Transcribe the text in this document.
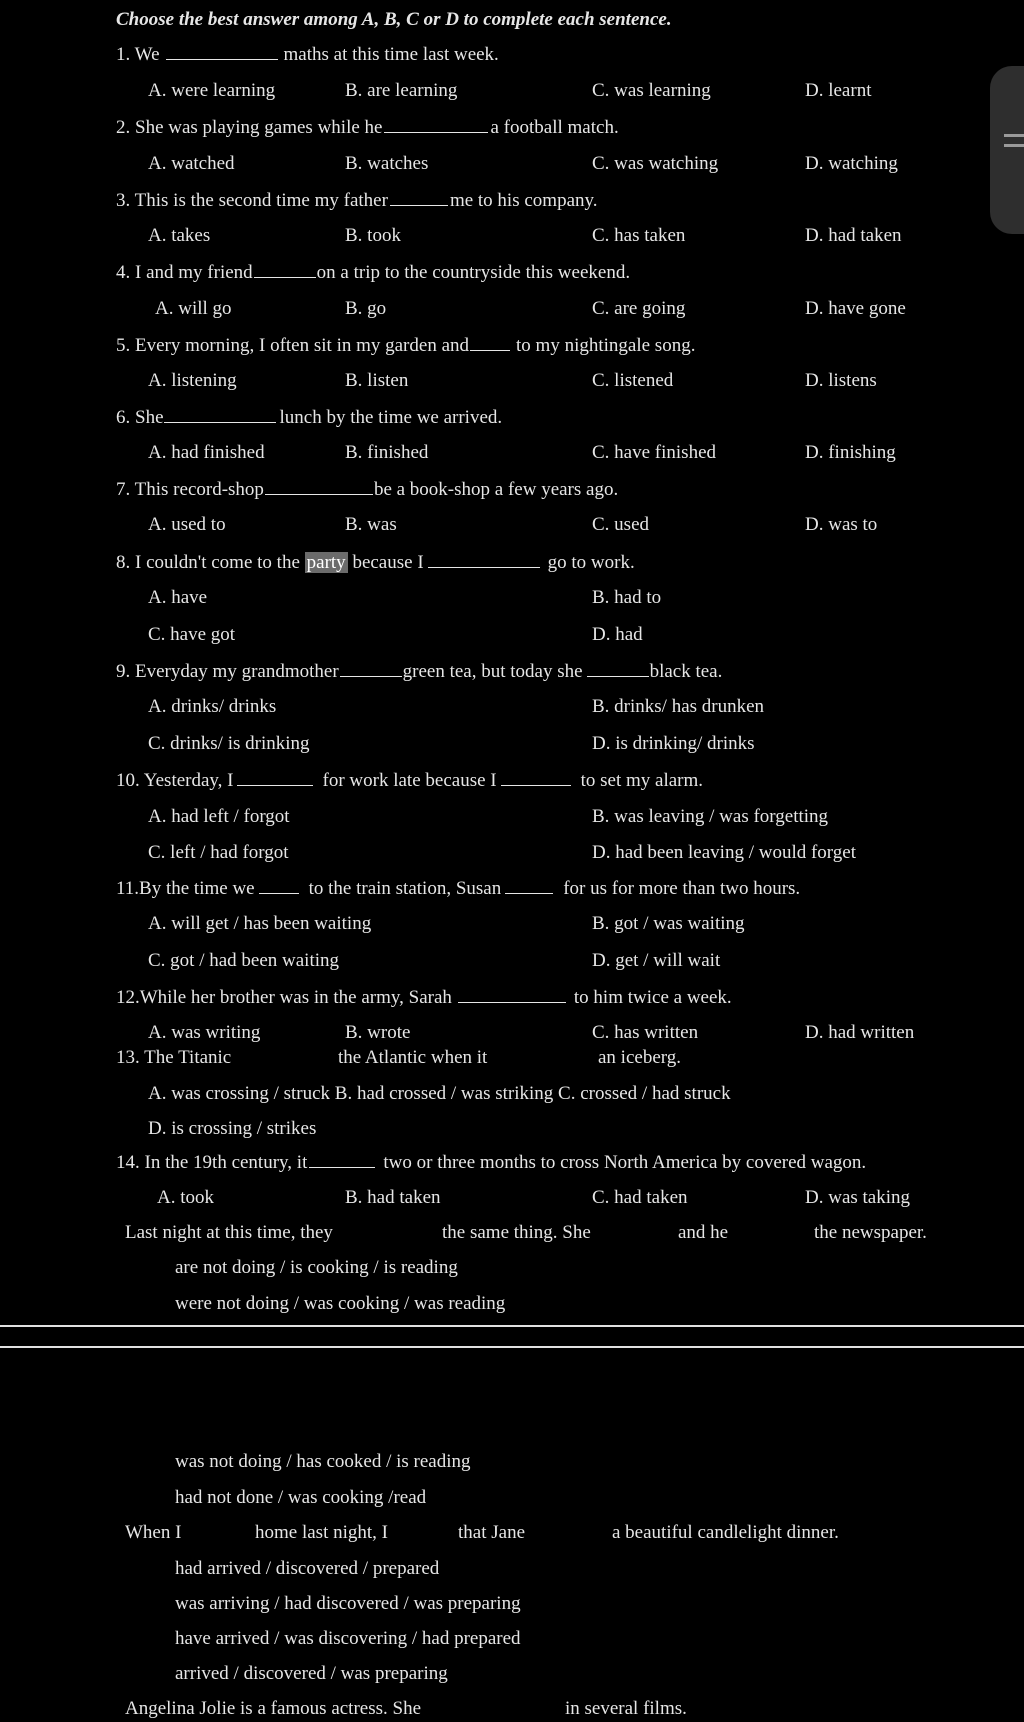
Choose the best answer among A, B, C or D to complete each sentence.
1. We	maths at this time last week.
A. were learning	B. are learning	C. was learning	D. learnt
2. She was playing games while he	a football match.
A. watched	B. watches	C. was watching	D. watching
3. This is the second time my father	me to his company.
A. takes	B. took	C. has taken	D. had taken
4. I and my friend	on a trip to the countryside this weekend.
A. will go	B. go	C. are going	D. have gone
5. Every morning, I often sit in my garden and to my nightingale song.
A. listening	B. listen	C. listened	D. listens
6. She	lunch by the time we arrived.
A. had finished	B. finished	C. have finished	D. finishing
7. This record-shop	be a book-shop a few years ago.
A. used to	B. was	C. used	D. was to
8. I couldn't come to the party because I	go to work.
A. have	B. had to
C. have got	D. had
9. Everyday my grandmother	green tea, but today she	black tea.
A. drinks/ drinks	B. drinks/ has drunken
C. drinks/ is drinking	D. is drinking/ drinks
10. Yesterday, I	for work late because I	to set my alarm.
A. had left / forgot	B. was leaving / was forgetting
C. left / had forgot	D. had been leaving / would forget
11.By the time we	to the train station, Susan	for us for more than two hours.
A. will get / has been waiting	B. got / was waiting
C. got / had been waiting	D. get / will wait
12.While her brother was in the army, Sarah	to him twice a week.
A. was writing	B. wrote	C. has written	D. had written
13. The Titanic	the Atlantic when it	an iceberg.
A. was crossing / struck B. had crossed / was striking C. crossed / had struck
D. is crossing / strikes
14. In the 19th century, it	two or three months to cross North America by covered wagon.
A. took	B. had taken	C. had taken	D. was taking
Last night at this time, they	the same thing. She	and he	the newspaper.
are not doing / is cooking / is reading
were not doing / was cooking / was reading
was not doing / has cooked / is reading
had not done / was cooking /read
When I	home last night, I	that Jane	a beautiful candlelight dinner.
had arrived / discovered / prepared
was arriving / had discovered / was preparing
have arrived / was discovering / had prepared
arrived / discovered / was preparing
Angelina Jolie is a famous actress. She	in several films.
